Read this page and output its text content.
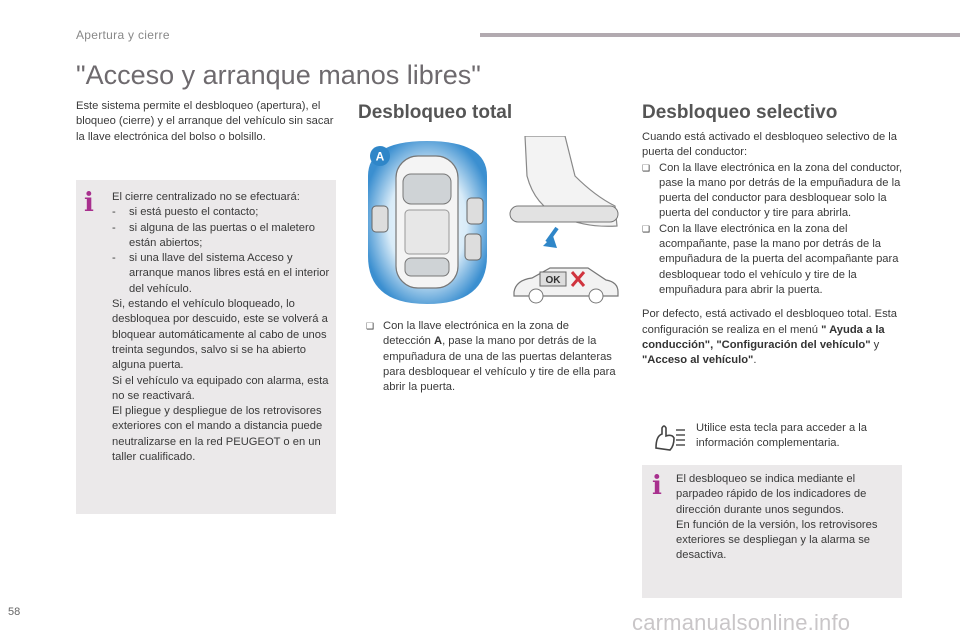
Apertura y cierre
"Acceso y arranque manos libres"
Este sistema permite el desbloqueo (apertura), el bloqueo (cierre) y el arranque del vehículo sin sacar la llave electrónica del bolso o bolsillo.
i El cierre centralizado no se efectuará:
- si está puesto el contacto;
- si alguna de las puertas o el maletero están abiertos;
- si una llave del sistema Acceso y arranque manos libres está en el interior del vehículo.
Si, estando el vehículo bloqueado, lo desbloquea por descuido, este se volverá a bloquear automáticamente al cabo de unos treinta segundos, salvo si se ha abierto alguna puerta.
Si el vehículo va equipado con alarma, esta no se reactivará.
El pliegue y despliegue de los retrovisores exteriores con el mando a distancia puede neutralizarse en la red PEUGEOT o en un taller cualificado.
Desbloqueo total
A
OK
❑ Con la llave electrónica en la zona de detección A, pase la mano por detrás de la empuñadura de una de las puertas delanteras para desbloquear el vehículo y tire de ella para abrir la puerta.
Desbloqueo selectivo
Cuando está activado el desbloqueo selectivo de la puerta del conductor:
❑ Con la llave electrónica en la zona del conductor, pase la mano por detrás de la empuñadura de la puerta del conductor para desbloquear solo la puerta del conductor y tire para abrirla.
❑ Con la llave electrónica en la zona del acompañante, pase la mano por detrás de la empuñadura de la puerta del acompañante para desbloquear todo el vehículo y tire de la empuñadura para abrir la puerta.
Por defecto, está activado el desbloqueo total. Esta configuración se realiza en el menú " Ayuda a la conducción", "Configuración del vehículo" y "Acceso al vehículo".
Utilice esta tecla para acceder a la información complementaria.
i El desbloqueo se indica mediante el parpadeo rápido de los indicadores de dirección durante unos segundos.
En función de la versión, los retrovisores exteriores se despliegan y la alarma se desactiva.
58	carmanualsonline.info
